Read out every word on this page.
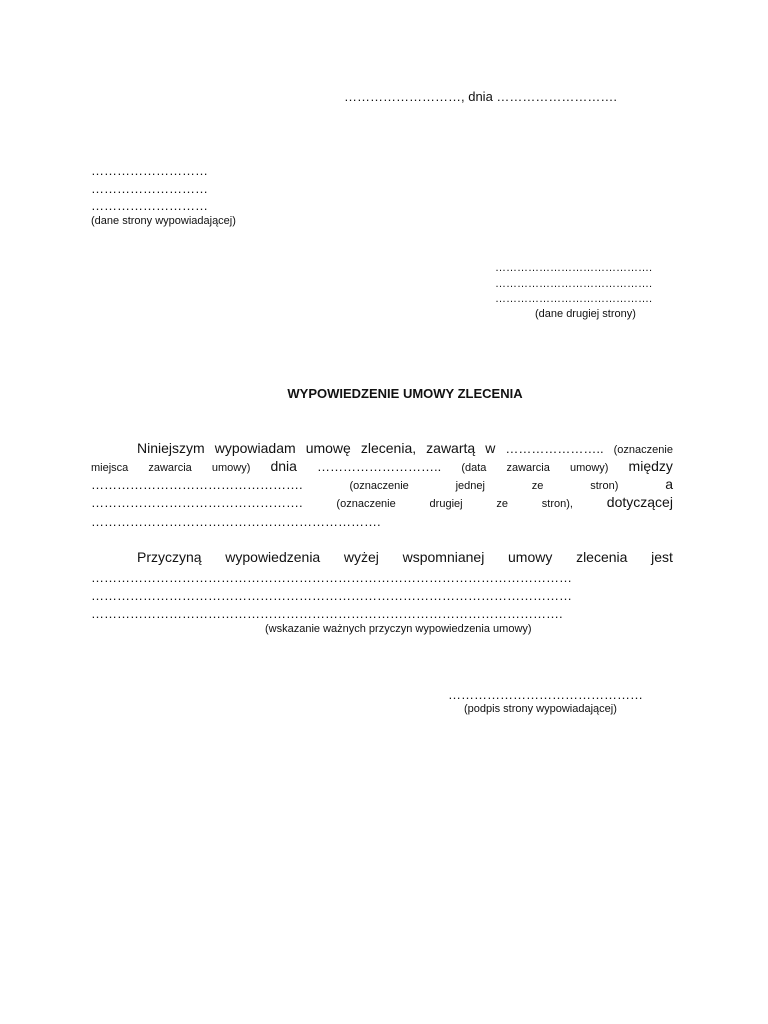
………………………, dnia ……………………….
………………………
………………………
………………………
(dane strony wypowiadającej)
…………………………………….
…………………………………….
…………………………………….
(dane drugiej strony)
WYPOWIEDZENIE UMOWY ZLECENIA
Niniejszym wypowiadam umowę zlecenia, zawartą w ………………….. (oznaczenie
miejsca zawarcia umowy) dnia ……………………….. (data zawarcia umowy) między
………………………………………….	(oznaczenie	jednej	ze	stron)	a
………………………………………….	(oznaczenie	drugiej	ze	stron), dotyczącej
………………………………………………………….
Przyczyną wypowiedzenia wyżej wspomnianej umowy zlecenia jest
…………………………………………………………………………………………………
…………………………………………………………………………………………………
……………………………………………………………………………………………….
(wskazanie ważnych przyczyn wypowiedzenia umowy)
………………………………………
(podpis strony wypowiadającej)
